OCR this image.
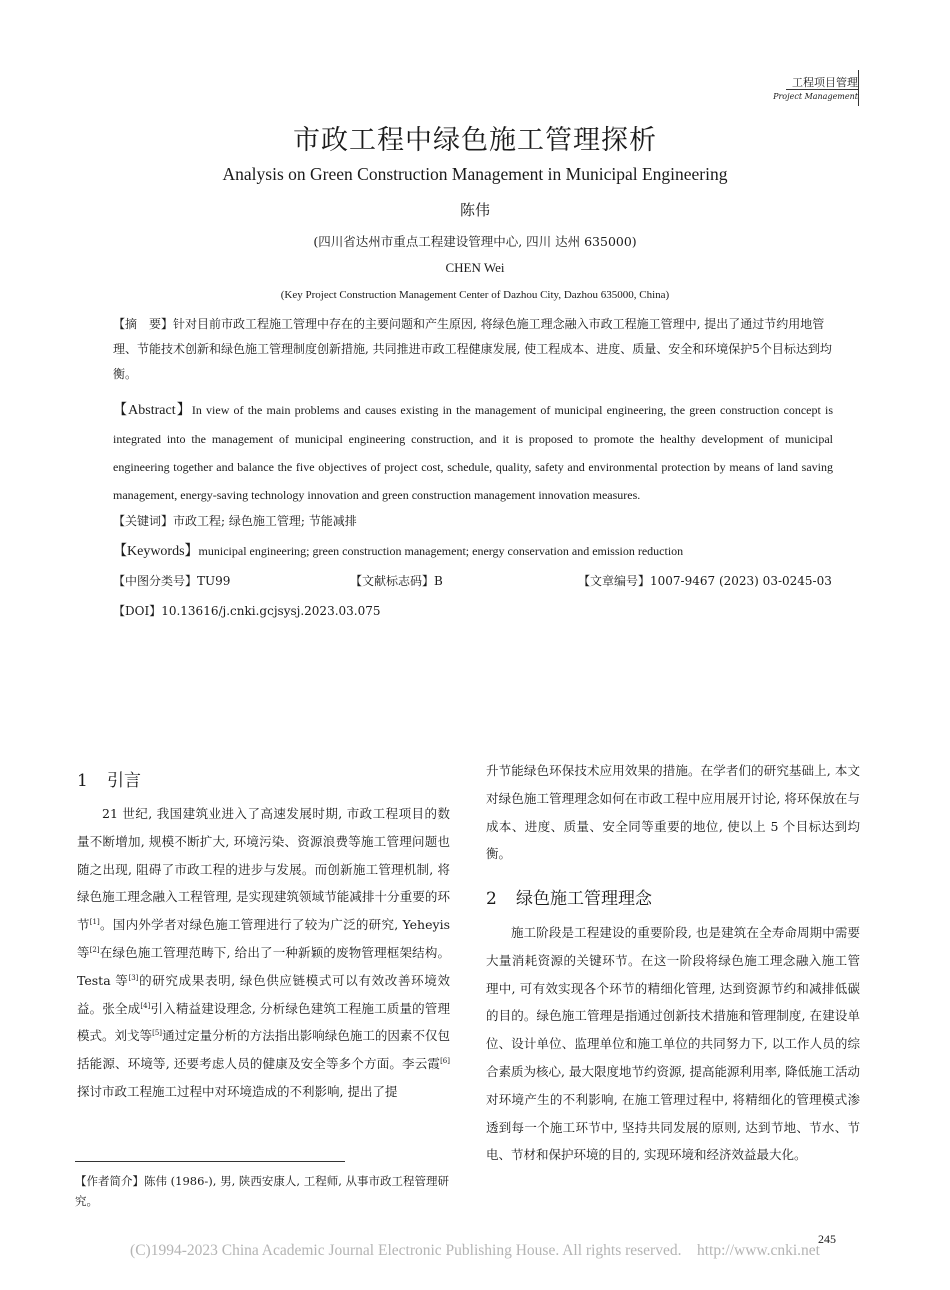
工程项目管理
Project Management
市政工程中绿色施工管理探析
Analysis on Green Construction Management in Municipal Engineering
陈伟
(四川省达州市重点工程建设管理中心, 四川 达州 635000)
CHEN Wei
(Key Project Construction Management Center of Dazhou City, Dazhou 635000, China)
【摘　要】针对目前市政工程施工管理中存在的主要问题和产生原因, 将绿色施工理念融入市政工程施工管理中, 提出了通过节约用地管理、节能技术创新和绿色施工管理制度创新措施, 共同推进市政工程健康发展, 使工程成本、进度、质量、安全和环境保护5个目标达到均衡。
【Abstract】In view of the main problems and causes existing in the management of municipal engineering, the green construction concept is integrated into the management of municipal engineering construction, and it is proposed to promote the healthy development of municipal engineering together and balance the five objectives of project cost, schedule, quality, safety and environmental protection by means of land saving management, energy-saving technology innovation and green construction management innovation measures.
【关键词】市政工程; 绿色施工管理; 节能减排
【Keywords】municipal engineering; green construction management; energy conservation and emission reduction
【中图分类号】TU99	【文献标志码】B	【文章编号】1007-9467 (2023) 03-0245-03
【DOI】10.13616/j.cnki.gcjsysj.2023.03.075
1 引言

21 世纪, 我国建筑业进入了高速发展时期, 市政工程项目的数量不断增加, 规模不断扩大, 环境污染、资源浪费等施工管理问题也随之出现, 阻碍了市政工程的进步与发展。而创新施工管理机制, 将绿色施工理念融入工程管理, 是实现建筑领域节能减排十分重要的环节[1]。国内外学者对绿色施工管理进行了较为广泛的研究, Yeheyis 等[2]在绿色施工管理范畴下, 给出了一种新颖的废物管理框架结构。Testa 等[3]的研究成果表明, 绿色供应链模式可以有效改善环境效益。张全成[4]引入精益建设理念, 分析绿色建筑工程施工质量的管理模式。刘戈等[5]通过定量分析的方法指出影响绿色施工的因素不仅包括能源、环境等, 还要考虑人员的健康及安全等多个方面。李云霞[6]探讨市政工程施工过程中对环境造成的不利影响, 提出了提

【作者简介】陈伟 (1986-), 男, 陕西安康人, 工程师, 从事市政工程管理研究。

升节能绿色环保技术应用效果的措施。在学者们的研究基础上, 本文对绿色施工管理理念如何在市政工程中应用展开讨论, 将环保放在与成本、进度、质量、安全同等重要的地位, 使以上 5 个目标达到均衡。

2 绿色施工管理理念

施工阶段是工程建设的重要阶段, 也是建筑在全寿命周期中需要大量消耗资源的关键环节。在这一阶段将绿色施工理念融入施工管理中, 可有效实现各个环节的精细化管理, 达到资源节约和减排低碳的目的。绿色施工管理是指通过创新技术措施和管理制度, 在建设单位、设计单位、监理单位和施工单位的共同努力下, 以工作人员的综合素质为核心, 最大限度地节约资源, 提高能源利用率, 降低施工活动对环境产生的不利影响, 在施工管理过程中, 将精细化的管理模式渗透到每一个施工环节中, 坚持共同发展的原则, 达到节地、节水、节电、节材和保护环境的目的, 实现环境和经济效益最大化。

245
(C)1994-2023 China Academic Journal Electronic Publishing House. All rights reserved.    http://www.cnki.net
